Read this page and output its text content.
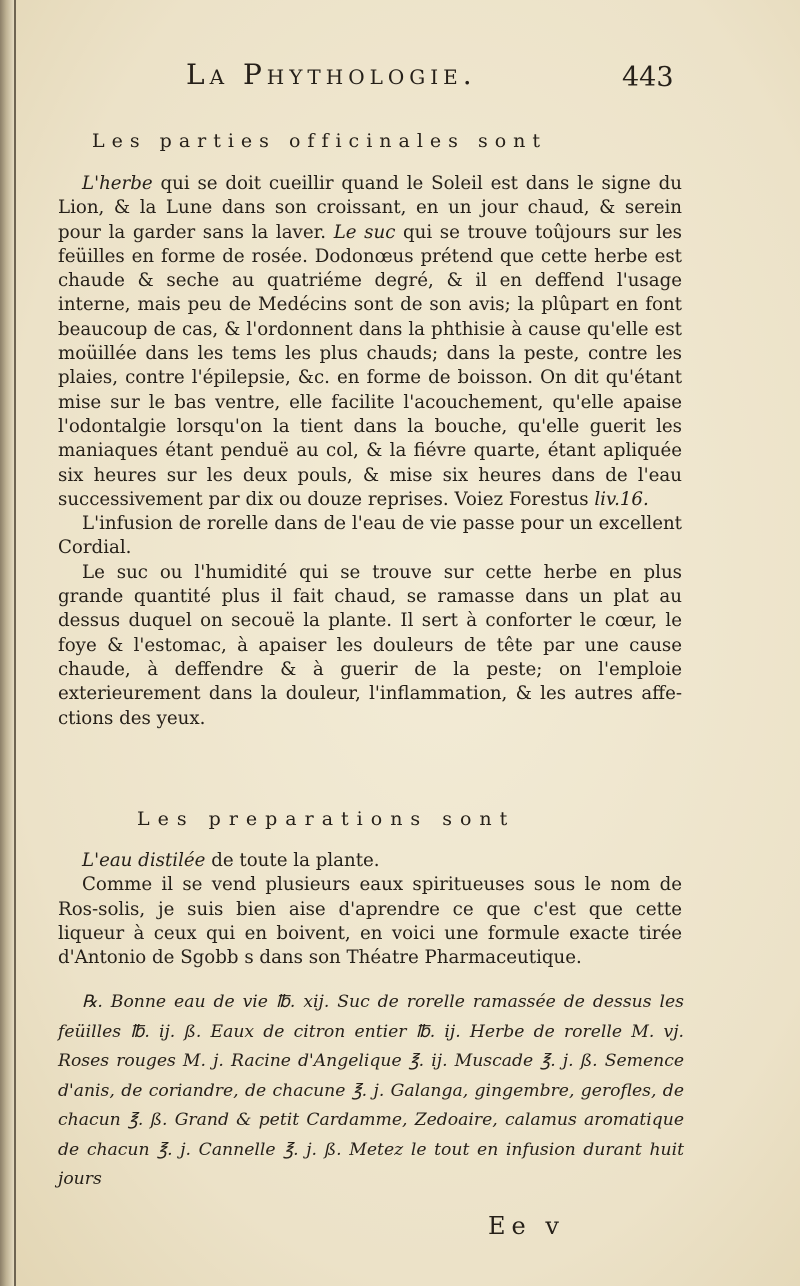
La Phythologie.	443
Les parties officinales sont

L'herbe qui se doit cueillir quand le Soleil est dans le signe du Lion, & la Lune dans son croissant, en un jour chaud, & serein pour la garder sans la laver. Le suc qui se trouve toûjours sur les feüilles en forme de rosée. Dodonœus prétend que cette herbe est chaude & seche au quatriéme degré, & il en deffend l'usage interne, mais peu de Medécins sont de son avis; la plûpart en font beaucoup de cas, & l'ordonnent dans la phthisie à cause qu'elle est moüillée dans les tems les plus chauds; dans la peste, contre les plaies, contre l'épilepsie, &c. en forme de boisson. On dit qu'étant mise sur le bas ventre, elle facilite l'acouchement, qu'elle apaise l'odontalgie lorsqu'on la tient dans la bouche, qu'elle guerit les maniaques étant penduë au col, & la fiévre quarte, étant apliquée six heures sur les deux pouls, & mise six heures dans de l'eau successivement par dix ou douze reprises. Voiez Forestus liv.16.

L'infusion de rorelle dans de l'eau de vie passe pour un excellent Cordial.

Le suc ou l'humidité qui se trouve sur cette herbe en plus grande quantité plus il fait chaud, se ramasse dans un plat au dessus duquel on secouë la plante. Il sert à conforter le cœur, le foye & l'estomac, à apaiser les douleurs de tête par une cause chaude, à deffendre & à guerir de la peste; on l'emploie exterieurement dans la douleur, l'inflammation, & les autres affe-ctions des yeux.

Les preparations sont

L'eau distilée de toute la plante.

Comme il se vend plusieurs eaux spiritueuses sous le nom de Ros-solis, je suis bien aise d'aprendre ce que c'est que cette liqueur à ceux qui en boivent, en voici une formule exacte tirée d'Antonio de Sgobb s dans son Théatre Pharmaceutique.

℞. Bonne eau de vie ℔. xij. Suc de rorelle ramassée de dessus les feüilles ℔. ij. ß. Eaux de citron entier ℔. ij. Herbe de rorelle M. vj. Roses rouges M. j. Racine d'Angelique ℥. ij. Muscade ℥. j. ß. Semence d'anis, de coriandre, de chacune ℥. j. Galanga, gingembre, gerofles, de chacun ℥. ß. Grand & petit Cardamme, Zedoaire, calamus aromatique de chacun ℥. j. Cannelle ℥. j. ß. Metez le tout en infusion durant huit jours

Ee v
